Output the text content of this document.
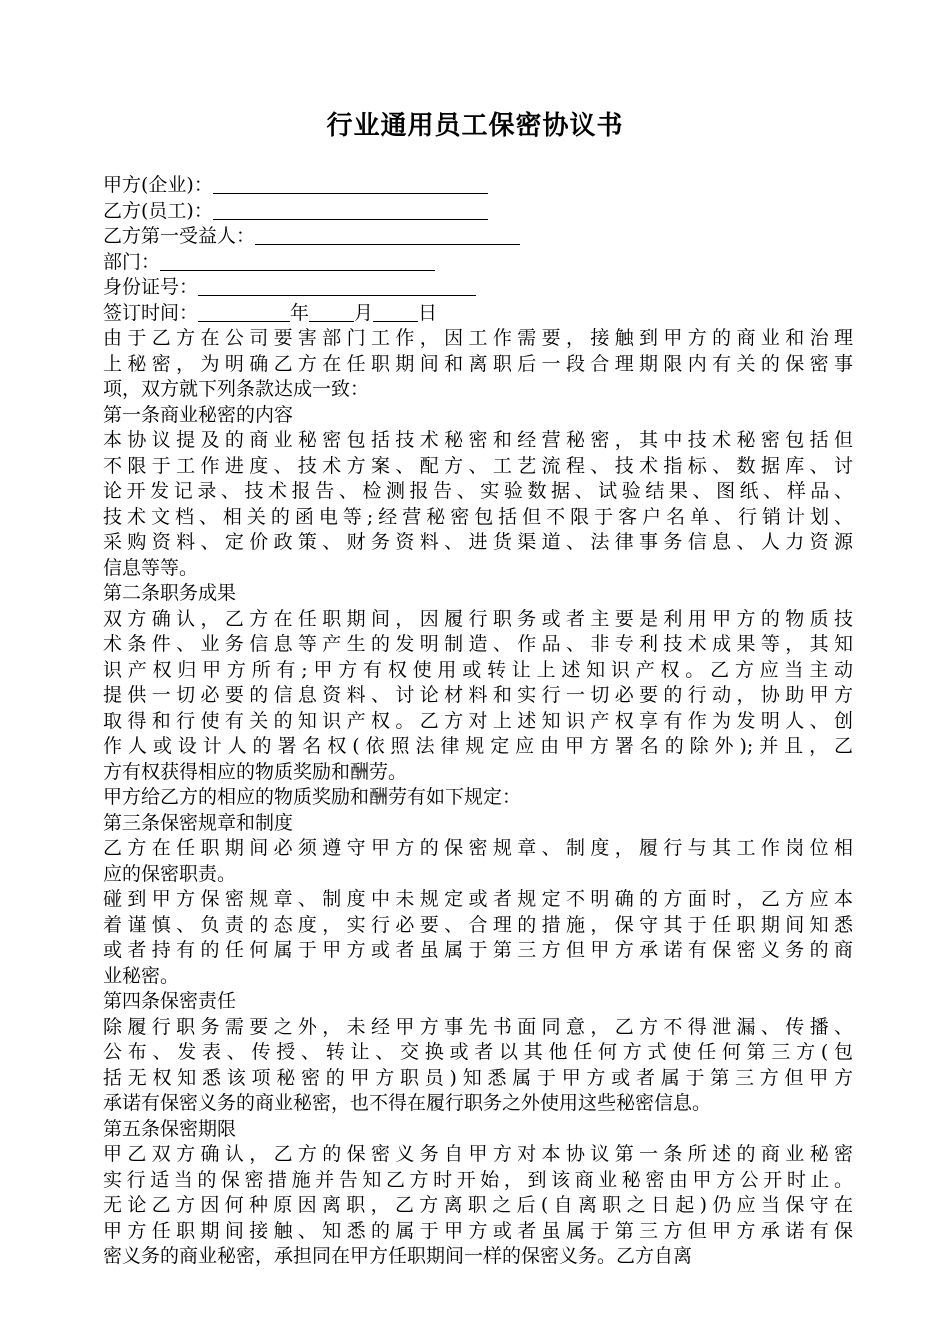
行业通用员工保密协议书
甲方(企业)：
乙方(员工)：
乙方第一受益人：
部门：
身份证号：
签订时间：	年 月 日
由于乙方在公司要害部门工作，因工作需要，接触到甲方的商业和治理
上秘密，为明确乙方在任职期间和离职后一段合理期限内有关的保密事
项，双方就下列条款达成一致：
第一条商业秘密的内容
本协议提及的商业秘密包括技术秘密和经营秘密，其中技术秘密包括但
不限于工作进度、技术方案、配方、工艺流程、技术指标、数据库、讨
论开发记录、技术报告、检测报告、实验数据、试验结果、图纸、样品、
技术文档、相关的函电等;经营秘密包括但不限于客户名单、行销计划、
采购资料、定价政策、财务资料、进货渠道、法律事务信息、人力资源
信息等等。
第二条职务成果
双方确认，乙方在任职期间，因履行职务或者主要是利用甲方的物质技
术条件、业务信息等产生的发明制造、作品、非专利技术成果等，其知
识产权归甲方所有;甲方有权使用或转让上述知识产权。乙方应当主动
提供一切必要的信息资料、讨论材料和实行一切必要的行动，协助甲方
取得和行使有关的知识产权。乙方对上述知识产权享有作为发明人、创
作人或设计人的署名权(依照法律规定应由甲方署名的除外);并且，乙
方有权获得相应的物质奖励和酬劳。
甲方给乙方的相应的物质奖励和酬劳有如下规定：
第三条保密规章和制度
乙方在任职期间必须遵守甲方的保密规章、制度，履行与其工作岗位相
应的保密职责。
碰到甲方保密规章、制度中未规定或者规定不明确的方面时，乙方应本
着谨慎、负责的态度，实行必要、合理的措施，保守其于任职期间知悉
或者持有的任何属于甲方或者虽属于第三方但甲方承诺有保密义务的商
业秘密。
第四条保密责任
除履行职务需要之外，未经甲方事先书面同意，乙方不得泄漏、传播、
公布、发表、传授、转让、交换或者以其他任何方式使任何第三方(包
括无权知悉该项秘密的甲方职员)知悉属于甲方或者属于第三方但甲方
承诺有保密义务的商业秘密，也不得在履行职务之外使用这些秘密信息。
第五条保密期限
甲乙双方确认，乙方的保密义务自甲方对本协议第一条所述的商业秘密
实行适当的保密措施并告知乙方时开始，到该商业秘密由甲方公开时止。
无论乙方因何种原因离职，乙方离职之后(自离职之日起)仍应当保守在
甲方任职期间接触、知悉的属于甲方或者虽属于第三方但甲方承诺有保
密义务的商业秘密，承担同在甲方任职期间一样的保密义务。乙方自离
